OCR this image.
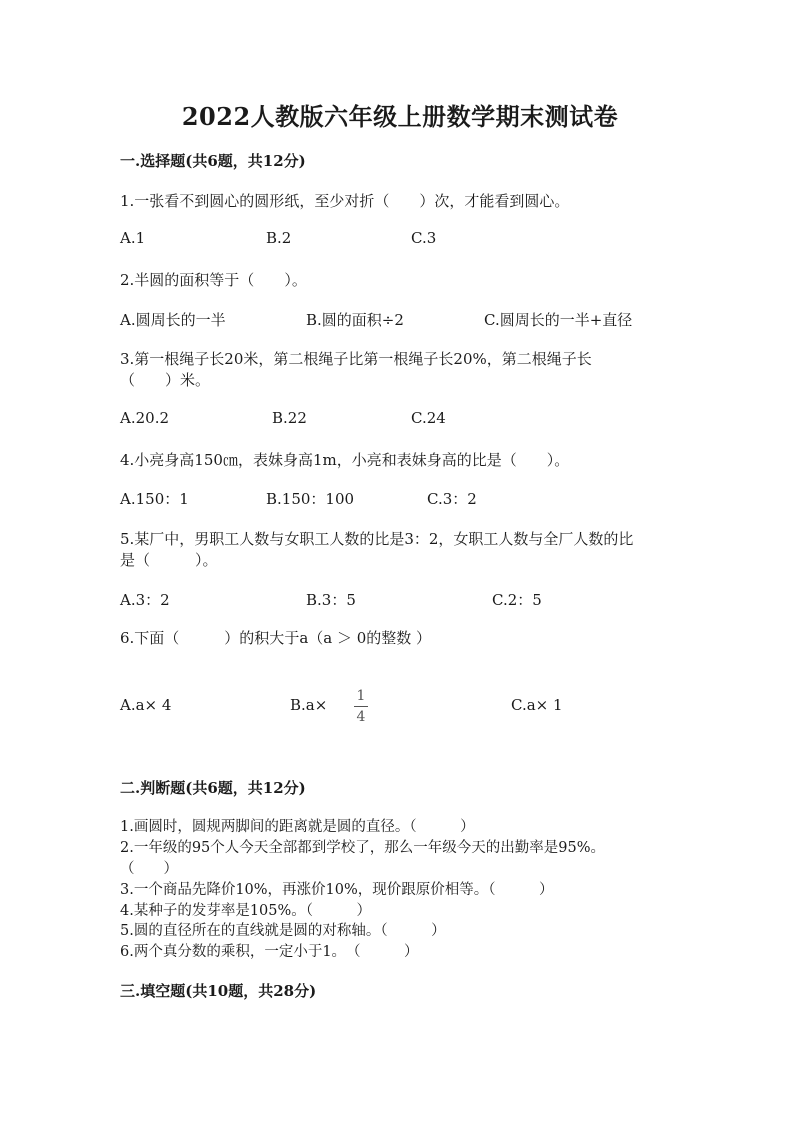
2022人教版六年级上册数学期末测试卷
一.选择题(共6题，共12分)
1.一张看不到圆心的圆形纸，至少对折（　　）次，才能看到圆心。
A.1	B.2	C.3
2.半圆的面积等于（　　）。
A.圆周长的一半	B.圆的面积÷2	C.圆周长的一半+直径
3.第一根绳子长20米，第二根绳子比第一根绳子长20%，第二根绳子长
（　　）米。
A.20.2	B.22	C.24
4.小亮身高150㎝，表妹身高1m，小亮和表妹身高的比是（　　）。
A.150：1	B.150：100	C.3：2
5.某厂中，男职工人数与女职工人数的比是3：2，女职工人数与全厂人数的比
是（　　　）。
A.3：2	B.3：5	C.2：5
6.下面（　　　）的积大于a（a ＞ 0的整数 ）
A.a× 4	B.a× 1
4
C.a× 1
二.判断题(共6题，共12分)
1.画圆时，圆规两脚间的距离就是圆的直径。（　　　）
2.一年级的95个人今天全部都到学校了，那么一年级今天的出勤率是95%。
（　　）
3.一个商品先降价10%，再涨价10%，现价跟原价相等。（　　　）
4.某种子的发芽率是105%。（　　　）
5.圆的直径所在的直线就是圆的对称轴。（　　　）
6.两个真分数的乘积，一定小于1。　（　　　）
三.填空题(共10题，共28分)
